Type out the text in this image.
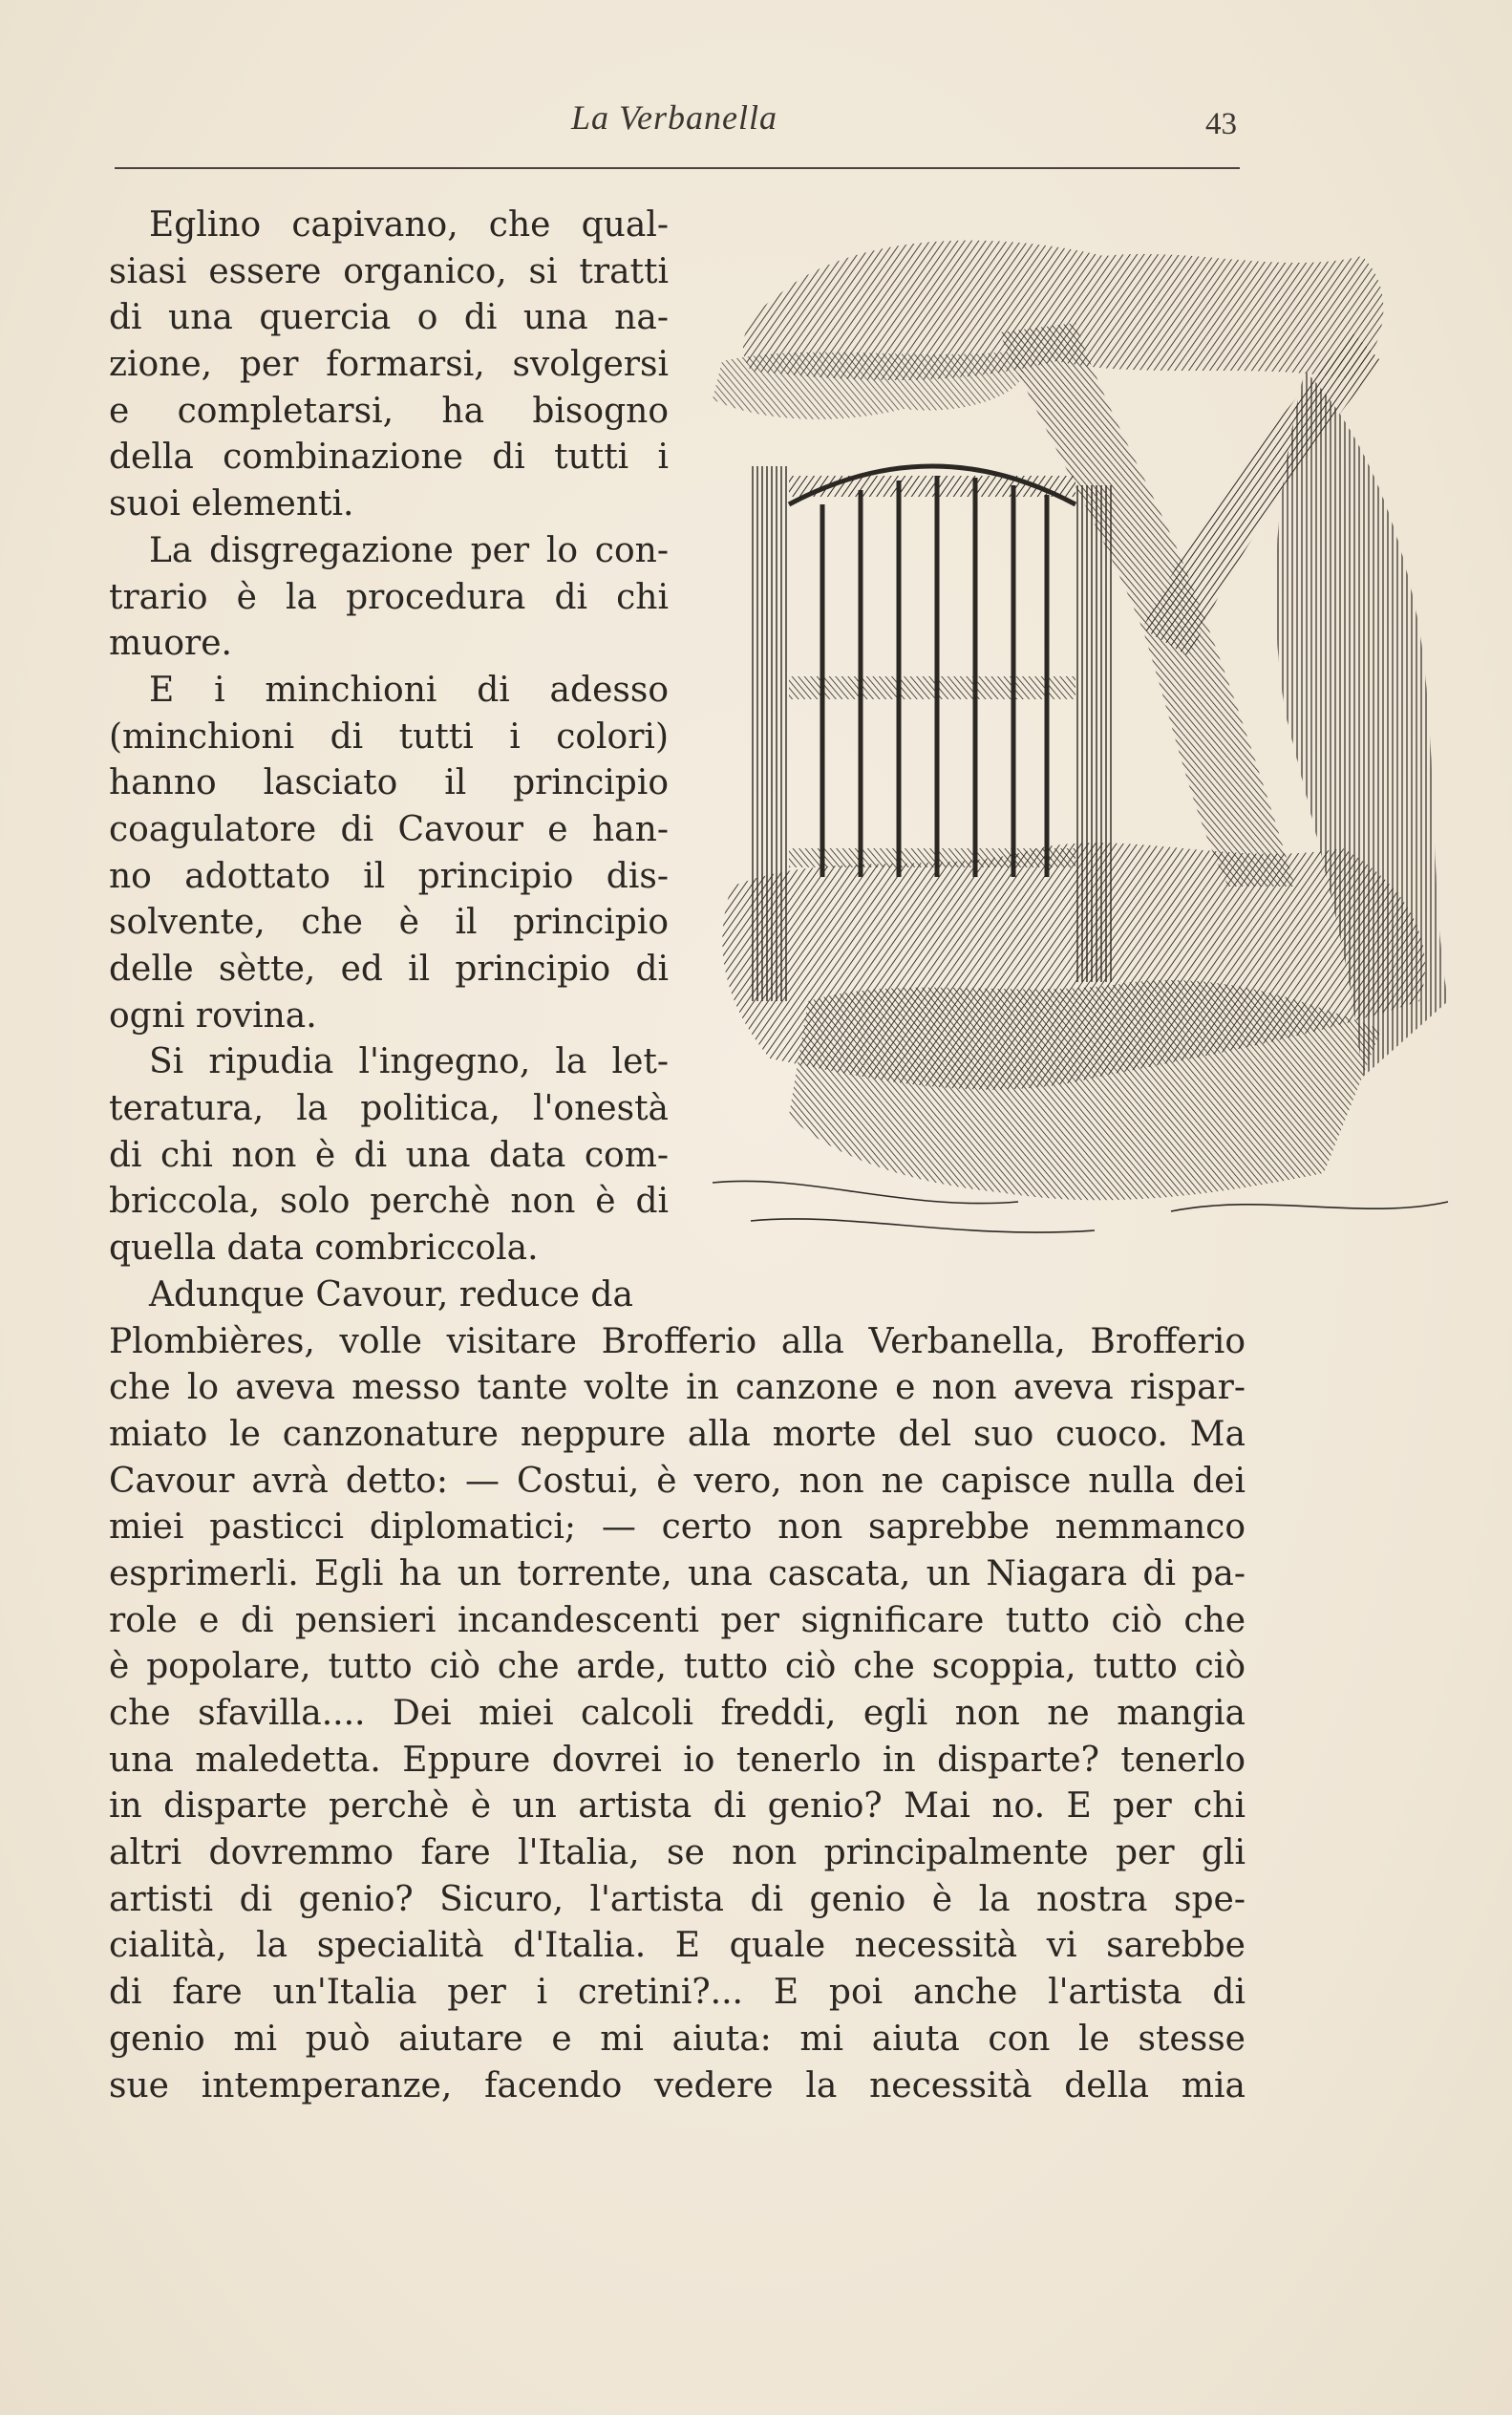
La Verbanella	43
Eglino capivano, che qual-
siasi essere organico, si tratti
di una quercia o di una na-
zione, per formarsi, svolgersi
e completarsi, ha bisogno
della combinazione di tutti i
suoi elementi.
La disgregazione per lo con-
trario è la procedura di chi
muore.
E i minchioni di adesso
(minchioni di tutti i colori)
hanno lasciato il principio
coagulatore di Cavour e han-
no adottato il principio dis-
solvente, che è il principio
delle sètte, ed il principio di
ogni rovina.
Si ripudia l'ingegno, la let-
teratura, la politica, l'onestà
di chi non è di una data com-
briccola, solo perchè non è di
quella data combriccola.
Adunque Cavour, reduce da
Plombières, volle visitare Brofferio alla Verbanella, Brofferio
che lo aveva messo tante volte in canzone e non aveva rispar-
miato le canzonature neppure alla morte del suo cuoco. Ma
Cavour avrà detto: — Costui, è vero, non ne capisce nulla dei
miei pasticci diplomatici; — certo non saprebbe nemmanco
esprimerli. Egli ha un torrente, una cascata, un Niagara di pa-
role e di pensieri incandescenti per significare tutto ciò che
è popolare, tutto ciò che arde, tutto ciò che scoppia, tutto ciò
che sfavilla.... Dei miei calcoli freddi, egli non ne mangia
una maledetta. Eppure dovrei io tenerlo in disparte? tenerlo
in disparte perchè è un artista di genio? Mai no. E per chi
altri dovremmo fare l'Italia, se non principalmente per gli
artisti di genio? Sicuro, l'artista di genio è la nostra spe-
cialità, la specialità d'Italia. E quale necessità vi sarebbe
di fare un'Italia per i cretini?... E poi anche l'artista di
genio mi può aiutare e mi aiuta: mi aiuta con le stesse
sue intemperanze, facendo vedere la necessità della mia
